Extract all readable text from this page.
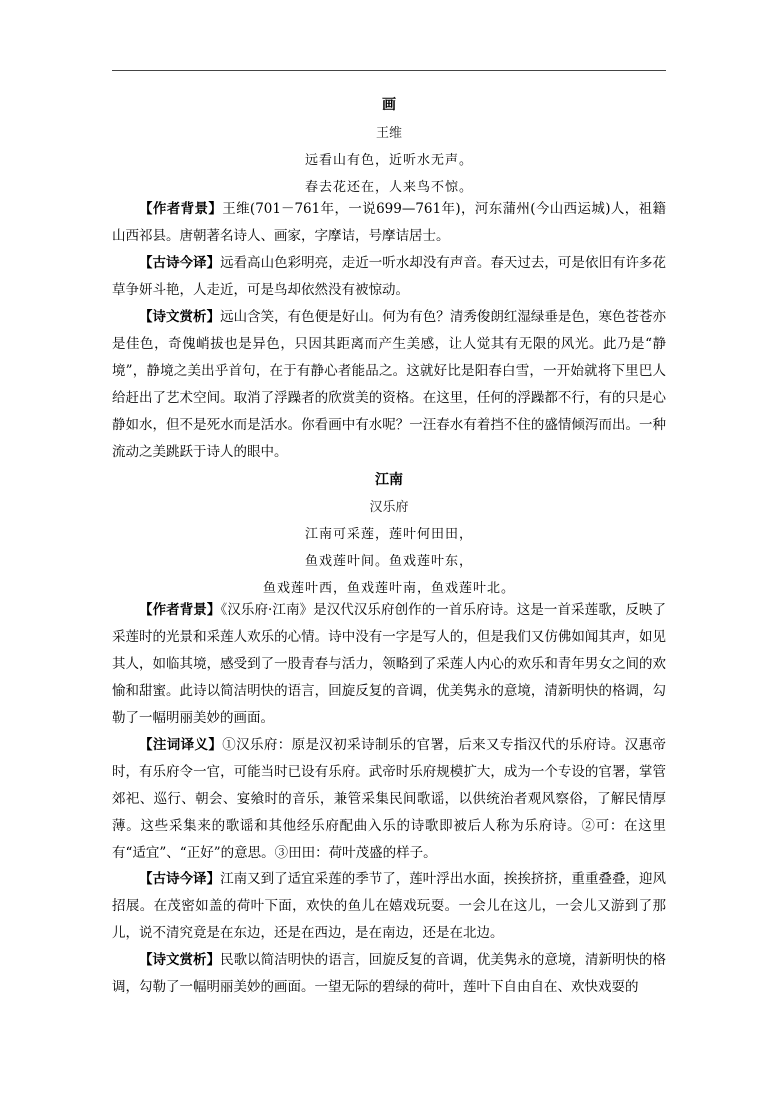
画
王维
远看山有色，近听水无声。
春去花还在，人来鸟不惊。

【作者背景】王维(701－761年，一说699—761年)，河东蒲州(今山西运城)人，祖籍山西祁县。唐朝著名诗人、画家，字摩诘，号摩诘居士。

【古诗今译】远看高山色彩明亮，走近一听水却没有声音。春天过去，可是依旧有许多花草争妍斗艳，人走近，可是鸟却依然没有被惊动。

【诗文赏析】远山含笑，有色便是好山。何为有色？清秀俊朗红湿绿垂是色，寒色苍苍亦是佳色，奇傀峭拔也是异色，只因其距离而产生美感，让人觉其有无限的风光。此乃是“静境”，静境之美出乎首句，在于有静心者能品之。这就好比是阳春白雪，一开始就将下里巴人给赶出了艺术空间。取消了浮躁者的欣赏美的资格。在这里，任何的浮躁都不行，有的只是心静如水，但不是死水而是活水。你看画中有水呢？一汪春水有着挡不住的盛情倾泻而出。一种流动之美跳跃于诗人的眼中。

江南
汉乐府
江南可采莲，莲叶何田田，
鱼戏莲叶间。鱼戏莲叶东，
鱼戏莲叶西，鱼戏莲叶南，鱼戏莲叶北。

【作者背景】《汉乐府·江南》是汉代汉乐府创作的一首乐府诗。这是一首采莲歌，反映了采莲时的光景和采莲人欢乐的心情。诗中没有一字是写人的，但是我们又仿佛如闻其声，如见其人，如临其境，感受到了一股青春与活力，领略到了采莲人内心的欢乐和青年男女之间的欢愉和甜蜜。此诗以简洁明快的语言，回旋反复的音调，优美隽永的意境，清新明快的格调，勾勒了一幅明丽美妙的画面。

【注词译义】①汉乐府：原是汉初采诗制乐的官署，后来又专指汉代的乐府诗。汉惠帝时，有乐府令一官，可能当时已设有乐府。武帝时乐府规模扩大，成为一个专设的官署，掌管郊祀、巡行、朝会、宴飨时的音乐，兼管采集民间歌谣，以供统治者观风察俗，了解民情厚薄。这些采集来的歌谣和其他经乐府配曲入乐的诗歌即被后人称为乐府诗。②可：在这里有“适宜”、“正好”的意思。③田田：荷叶茂盛的样子。

【古诗今译】江南又到了适宜采莲的季节了，莲叶浮出水面，挨挨挤挤，重重叠叠，迎风招展。在茂密如盖的荷叶下面，欢快的鱼儿在嬉戏玩耍。一会儿在这儿，一会儿又游到了那儿，说不清究竟是在东边，还是在西边，是在南边，还是在北边。

【诗文赏析】民歌以简洁明快的语言，回旋反复的音调，优美隽永的意境，清新明快的格调，勾勒了一幅明丽美妙的画面。一望无际的碧绿的荷叶，莲叶下自由自在、欢快戏耍的
